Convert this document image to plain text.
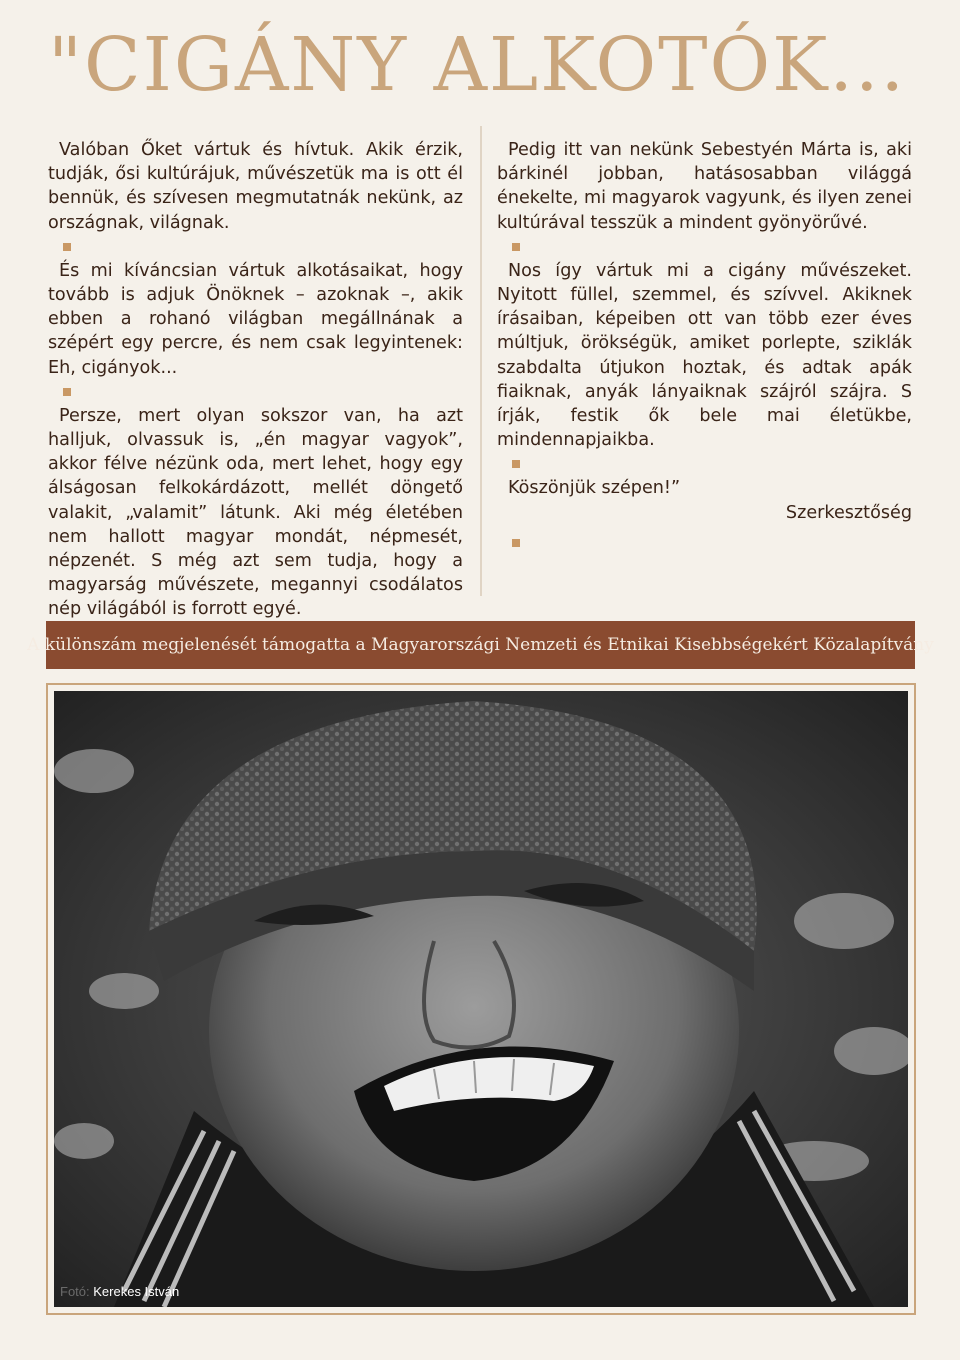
"CIGÁNY ALKOTÓK...

Valóban Őket vártuk és hívtuk. Akik érzik, tudják, ősi kultúrájuk, művészetük ma is ott él bennük, és szívesen megmutatnák nekünk, az országnak, világnak.

És mi kíváncsian vártuk alkotásaikat, hogy tovább is adjuk Önöknek – azoknak –, akik ebben a rohanó világban megállnának a szépért egy percre, és nem csak legyintenek: Eh, cigányok...

Persze, mert olyan sokszor van, ha azt halljuk, olvassuk is, „én magyar vagyok”, akkor félve nézünk oda, mert lehet, hogy egy álságosan felkokárdázott, mellét döngető valakit, „valamit” látunk. Aki még életében nem hallott magyar mondát, népmesét, népzenét. S még azt sem tudja, hogy a magyarság művészete, megannyi csodálatos nép világából is forrott egyé.

Pedig itt van nekünk Sebestyén Márta is, aki bárkinél jobban, hatásosabban világgá énekelte, mi magyarok vagyunk, és ilyen zenei kultúrával tesszük a mindent gyönyörűvé.

Nos így vártuk mi a cigány művészeket. Nyitott füllel, szemmel, és szívvel. Akiknek írásaiban, képeiben ott van több ezer éves múltjuk, örökségük, amiket porlepte, sziklák szabdalta útjukon hoztak, és adtak apák fiaiknak, anyák lányaiknak szájról szájra. S írják, festik ők bele mai életükbe, mindennapjaikba.

Köszönjük szépen!”

Szerkesztőség

A különszám megjelenését támogatta a Magyarországi Nemzeti és Etnikai Kisebbségekért Közalapítvány
Fotó: Kerekes István
